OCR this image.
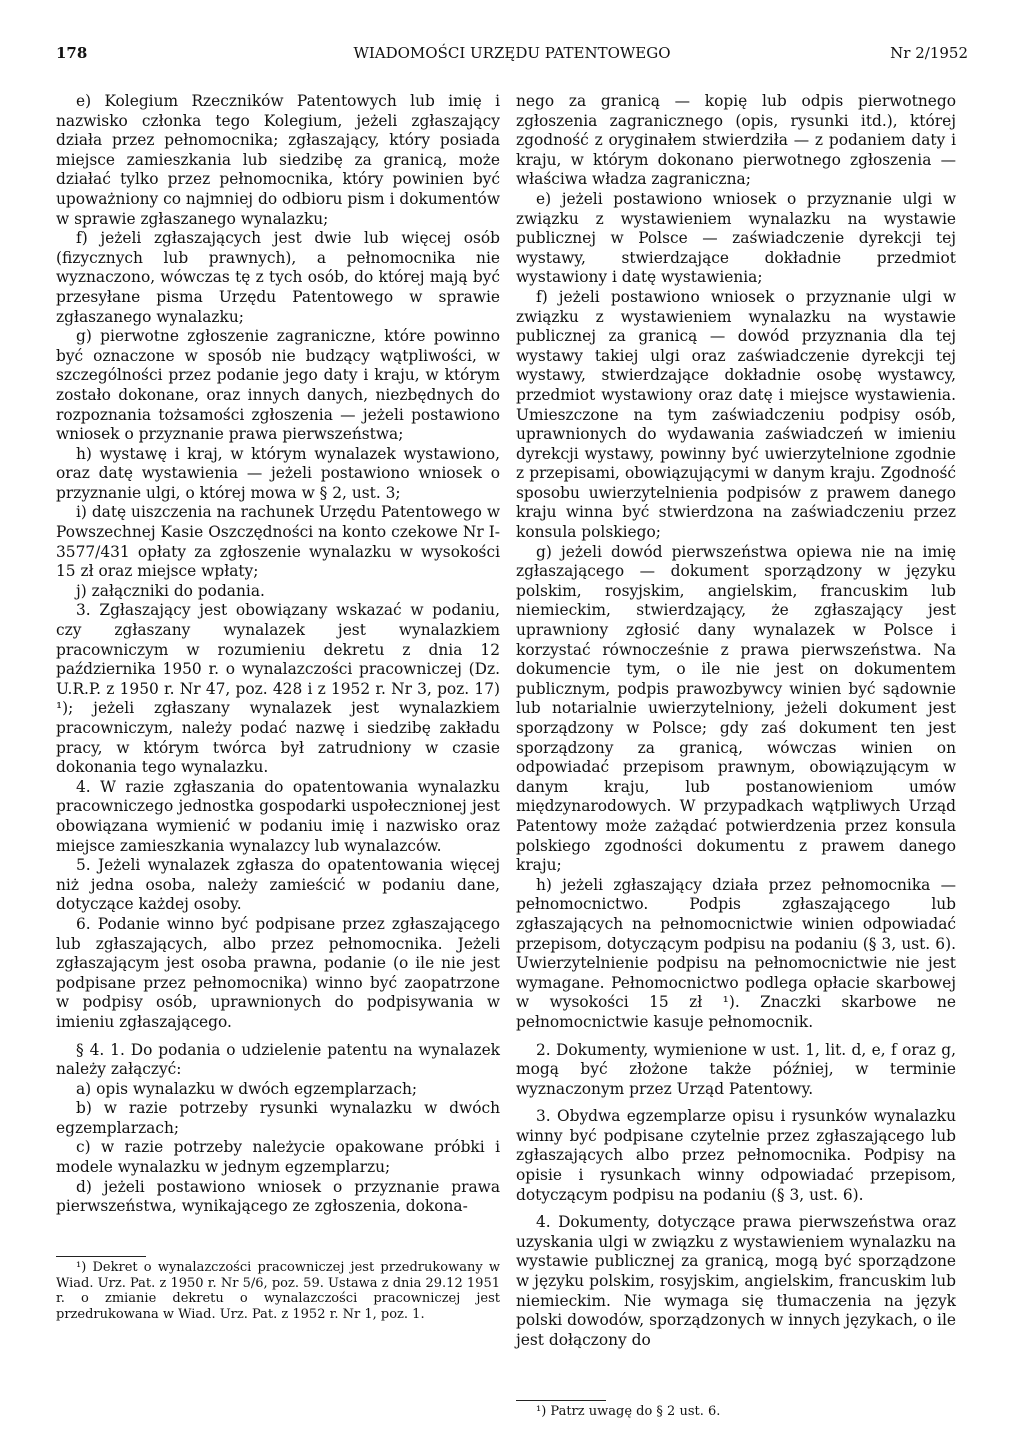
WIADOMOŚCI URZĘDU PATENTOWEGO
178	Nr 2/1952

e) Kolegium Rzeczników Patentowych lub imię i nazwisko członka tego Kolegium, jeżeli zgłaszający działa przez pełnomocnika; zgłaszający, który posiada miejsce zamieszkania lub siedzibę za granicą, może działać tylko przez pełnomocnika, który powinien być upoważniony co najmniej do odbioru pism i dokumentów w sprawie zgłaszanego wynalazku;

f) jeżeli zgłaszających jest dwie lub więcej osób (fizycznych lub prawnych), a pełnomocnika nie wyznaczono, wówczas tę z tych osób, do której mają być przesyłane pisma Urzędu Patentowego w sprawie zgłaszanego wynalazku;

g) pierwotne zgłoszenie zagraniczne, które powinno być oznaczone w sposób nie budzący wątpliwości, w szczególności przez podanie jego daty i kraju, w którym zostało dokonane, oraz innych danych, niezbędnych do rozpoznania tożsamości zgłoszenia — jeżeli postawiono wniosek o przyznanie prawa pierwszeństwa;

h) wystawę i kraj, w którym wynalazek wystawiono, oraz datę wystawienia — jeżeli postawiono wniosek o przyznanie ulgi, o której mowa w § 2, ust. 3;

i) datę uiszczenia na rachunek Urzędu Patentowego w Powszechnej Kasie Oszczędności na konto czekowe Nr I-3577/431 opłaty za zgłoszenie wynalazku w wysokości 15 zł oraz miejsce wpłaty;

j) załączniki do podania.

3. Zgłaszający jest obowiązany wskazać w podaniu, czy zgłaszany wynalazek jest wynalazkiem pracowniczym w rozumieniu dekretu z dnia 12 października 1950 r. o wynalazczości pracowniczej (Dz. U.R.P. z 1950 r. Nr 47, poz. 428 i z 1952 r. Nr 3, poz. 17) ¹); jeżeli zgłaszany wynalazek jest wynalazkiem pracowniczym, należy podać nazwę i siedzibę zakładu pracy, w którym twórca był zatrudniony w czasie dokonania tego wynalazku.

4. W razie zgłaszania do opatentowania wynalazku pracowniczego jednostka gospodarki uspołecznionej jest obowiązana wymienić w podaniu imię i nazwisko oraz miejsce zamieszkania wynalazcy lub wynalazców.

5. Jeżeli wynalazek zgłasza do opatentowania więcej niż jedna osoba, należy zamieścić w podaniu dane, dotyczące każdej osoby.

6. Podanie winno być podpisane przez zgłaszającego lub zgłaszających, albo przez pełnomocnika. Jeżeli zgłaszającym jest osoba prawna, podanie (o ile nie jest podpisane przez pełnomocnika) winno być zaopatrzone w podpisy osób, uprawnionych do podpisywania w imieniu zgłaszającego.

§ 4. 1. Do podania o udzielenie patentu na wynalazek należy załączyć:

a) opis wynalazku w dwóch egzemplarzach;

b) w razie potrzeby rysunki wynalazku w dwóch egzemplarzach;

c) w razie potrzeby należycie opakowane próbki i modele wynalazku w jednym egzemplarzu;

d) jeżeli postawiono wniosek o przyznanie prawa pierwszeństwa, wynikającego ze zgłoszenia, dokona-

¹) Dekret o wynalazczości pracowniczej jest przedrukowany w Wiad. Urz. Pat. z 1950 r. Nr 5/6, poz. 59. Ustawa z dnia 29.12 1951 r. o zmianie dekretu o wynalazczości pracowniczej jest przedrukowana w Wiad. Urz. Pat. z 1952 r. Nr 1, poz. 1.

nego za granicą — kopię lub odpis pierwotnego zgłoszenia zagranicznego (opis, rysunki itd.), której zgodność z oryginałem stwierdziła — z podaniem daty i kraju, w którym dokonano pierwotnego zgłoszenia — właściwa władza zagraniczna;

e) jeżeli postawiono wniosek o przyznanie ulgi w związku z wystawieniem wynalazku na wystawie publicznej w Polsce — zaświadczenie dyrekcji tej wystawy, stwierdzające dokładnie przedmiot wystawiony i datę wystawienia;

f) jeżeli postawiono wniosek o przyznanie ulgi w związku z wystawieniem wynalazku na wystawie publicznej za granicą — dowód przyznania dla tej wystawy takiej ulgi oraz zaświadczenie dyrekcji tej wystawy, stwierdzające dokładnie osobę wystawcy, przedmiot wystawiony oraz datę i miejsce wystawienia. Umieszczone na tym zaświadczeniu podpisy osób, uprawnionych do wydawania zaświadczeń w imieniu dyrekcji wystawy, powinny być uwierzytelnione zgodnie z przepisami, obowiązującymi w danym kraju. Zgodność sposobu uwierzytelnienia podpisów z prawem danego kraju winna być stwierdzona na zaświadczeniu przez konsula polskiego;

g) jeżeli dowód pierwszeństwa opiewa nie na imię zgłaszającego — dokument sporządzony w języku polskim, rosyjskim, angielskim, francuskim lub niemieckim, stwierdzający, że zgłaszający jest uprawniony zgłosić dany wynalazek w Polsce i korzystać równocześnie z prawa pierwszeństwa. Na dokumencie tym, o ile nie jest on dokumentem publicznym, podpis prawozbywcy winien być sądownie lub notarialnie uwierzytelniony, jeżeli dokument jest sporządzony w Polsce; gdy zaś dokument ten jest sporządzony za granicą, wówczas winien on odpowiadać przepisom prawnym, obowiązującym w danym kraju, lub postanowieniom umów międzynarodowych. W przypadkach wątpliwych Urząd Patentowy może zażądać potwierdzenia przez konsula polskiego zgodności dokumentu z prawem danego kraju;

h) jeżeli zgłaszający działa przez pełnomocnika — pełnomocnictwo. Podpis zgłaszającego lub zgłaszających na pełnomocnictwie winien odpowiadać przepisom, dotyczącym podpisu na podaniu (§ 3, ust. 6). Uwierzytelnienie podpisu na pełnomocnictwie nie jest wymagane. Pełnomocnictwo podlega opłacie skarbowej w wysokości 15 zł ¹). Znaczki skarbowe ne pełnomocnictwie kasuje pełnomocnik.

2. Dokumenty, wymienione w ust. 1, lit. d, e, f oraz g, mogą być złożone także później, w terminie wyznaczonym przez Urząd Patentowy.

3. Obydwa egzemplarze opisu i rysunków wynalazku winny być podpisane czytelnie przez zgłaszającego lub zgłaszających albo przez pełnomocnika. Podpisy na opisie i rysunkach winny odpowiadać przepisom, dotyczącym podpisu na podaniu (§ 3, ust. 6).

4. Dokumenty, dotyczące prawa pierwszeństwa oraz uzyskania ulgi w związku z wystawieniem wynalazku na wystawie publicznej za granicą, mogą być sporządzone w języku polskim, rosyjskim, angielskim, francuskim lub niemieckim. Nie wymaga się tłumaczenia na język polski dowodów, sporządzonych w innych językach, o ile jest dołączony do

¹) Patrz uwagę do § 2 ust. 6.
